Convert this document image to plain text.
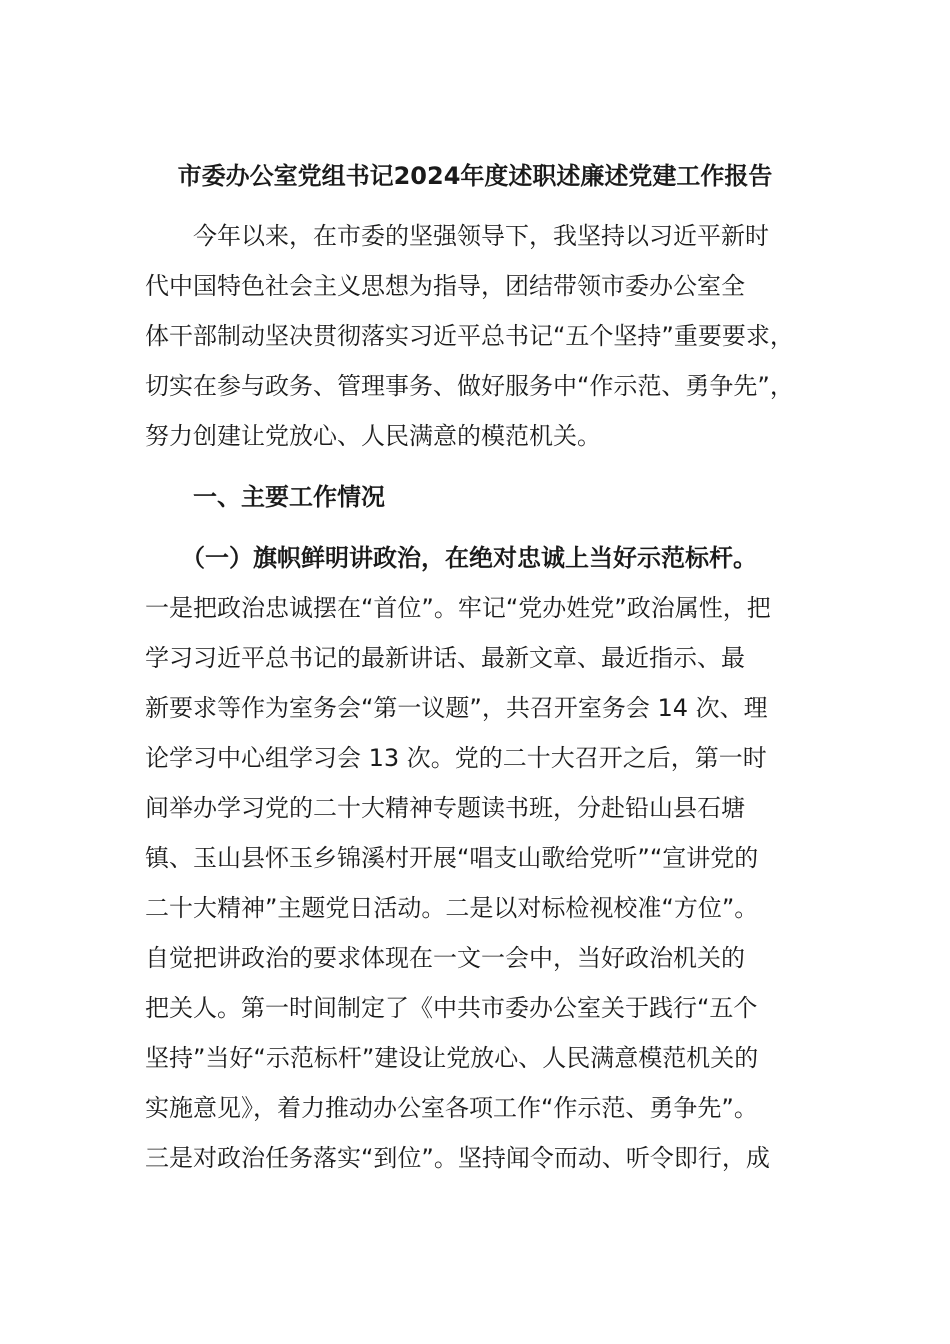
市委办公室党组书记2024年度述职述廉述党建工作报告

　　今年以来，在市委的坚强领导下，我坚持以习近平新时

代中国特色社会主义思想为指导，团结带领市委办公室全

体干部制动坚决贯彻落实习近平总书记“五个坚持”重要要求，

切实在参与政务、管理事务、做好服务中“作示范、勇争先”，

努力创建让党放心、人民满意的模范机关。

　　一、主要工作情况

　　（一）旗帜鲜明讲政治，在绝对忠诚上当好示范标杆。

一是把政治忠诚摆在“首位”。牢记“党办姓党”政治属性，把

学习习近平总书记的最新讲话、最新文章、最近指示、最

新要求等作为室务会“第一议题”，共召开室务会 14 次、理

论学习中心组学习会 13 次。党的二十大召开之后，第一时

间举办学习党的二十大精神专题读书班，分赴铅山县石塘

镇、玉山县怀玉乡锦溪村开展“唱支山歌给党听”“宣讲党的

二十大精神”主题党日活动。二是以对标检视校准“方位”。

自觉把讲政治的要求体现在一文一会中，当好政治机关的

把关人。第一时间制定了《中共市委办公室关于践行“五个

坚持”当好“示范标杆”建设让党放心、人民满意模范机关的

实施意见》，着力推动办公室各项工作“作示范、勇争先”。

三是对政治任务落实“到位”。坚持闻令而动、听令即行，成
